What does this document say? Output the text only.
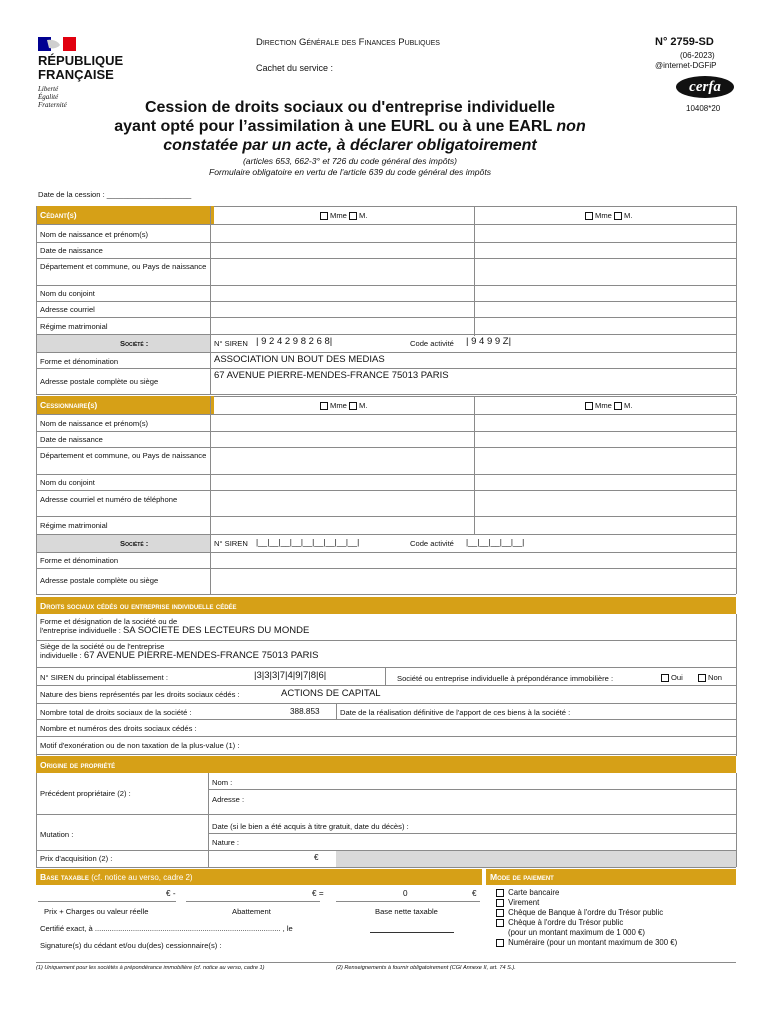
RÉPUBLIQUE
FRANÇAISE
Liberté
Égalité
Fraternité
Direction Générale des Finances Publiques
Cachet du service :
N° 2759-SD
(06-2023)
@internet-DGFiP
cerfa
10408*20
Cession de droits sociaux ou d'entreprise individuelle
ayant opté pour l’assimilation à une EURL ou à une EARL non
constatée par un acte, à déclarer obligatoirement
(articles 653, 662-3° et 726 du code général des impôts)
Formulaire obligatoire en vertu de l'article 639 du code général des impôts
Date de la cession : ____________________
Cédant(s)	Mme M.	Mme M.
Nom de naissance et prénom(s)
Date de naissance
Département et commune, ou Pays de naissance
Nom du conjoint
Adresse courriel
Régime matrimonial
Société :	N° SIREN | 9 2 4 2 9 8 2 6 8|	Code activité | 9 4 9 9 Z|
Forme et dénomination	ASSOCIATION UN BOUT DES MEDIAS
Adresse postale complète ou siège
67 AVENUE PIERRE-MENDES-FRANCE 75013 PARIS
Cessionnaire(s)	Mme M.	Mme M.
Nom de naissance et prénom(s)
Date de naissance
Département et commune, ou Pays de naissance
Nom du conjoint
Adresse courriel et numéro de téléphone
Régime matrimonial
Société :	N° SIREN |__|__|__|__|__|__|__|__|__|	Code activité |__|__|__|__|__|
Forme et dénomination
Adresse postale complète ou siège
Droits sociaux cédés ou entreprise individuelle cédée
Forme et désignation de la société ou de
l'entreprise individuelle : SA SOCIETE DES LECTEURS DU MONDE
Siège de la société ou de l'entreprise
individuelle : 67 AVENUE PIERRE-MENDES-FRANCE 75013 PARIS
N° SIREN du principal établissement :	|3|3|3|7|4|9|7|8|6|	Société ou entreprise individuelle à prépondérance immobilière :	Oui	Non
Nature des biens représentés par les droits sociaux cédés :	ACTIONS DE CAPITAL
Nombre total de droits sociaux de la société :	388.853	Date de la réalisation définitive de l'apport de ces biens à la société :
Nombre et numéros des droits sociaux cédés :
Motif d'exonération ou de non taxation de la plus-value (1) :
Origine de propriété
Précédent propriétaire (2) :
Nom :
Adresse :
Mutation :
Date (si le bien a été acquis à titre gratuit, date du décès) :
Nature :
Prix d'acquisition (2) :	€
Base taxable
(cf. notice au verso, cadre 2)	Mode de paiement
€ -	€ =	0	€
Prix + Charges ou valeur réelle	Abattement	Base nette taxable
Certifié exact, à ........................................................................................ , le
Signature(s) du cédant et/ou du(des) cessionnaire(s) :
Carte bancaire
Virement
Chèque de Banque à l'ordre du Trésor public
Chèque à l'ordre du Trésor public
(pour un montant maximum de 1 000 €)
Numéraire (pour un montant maximum de 300 €)
(1) Uniquement pour les sociétés à prépondérance immobilière (cf. notice au verso, cadre 1)	(2) Renseignements à fournir obligatoirement (CGI Annexe II, art. 74 S.).
